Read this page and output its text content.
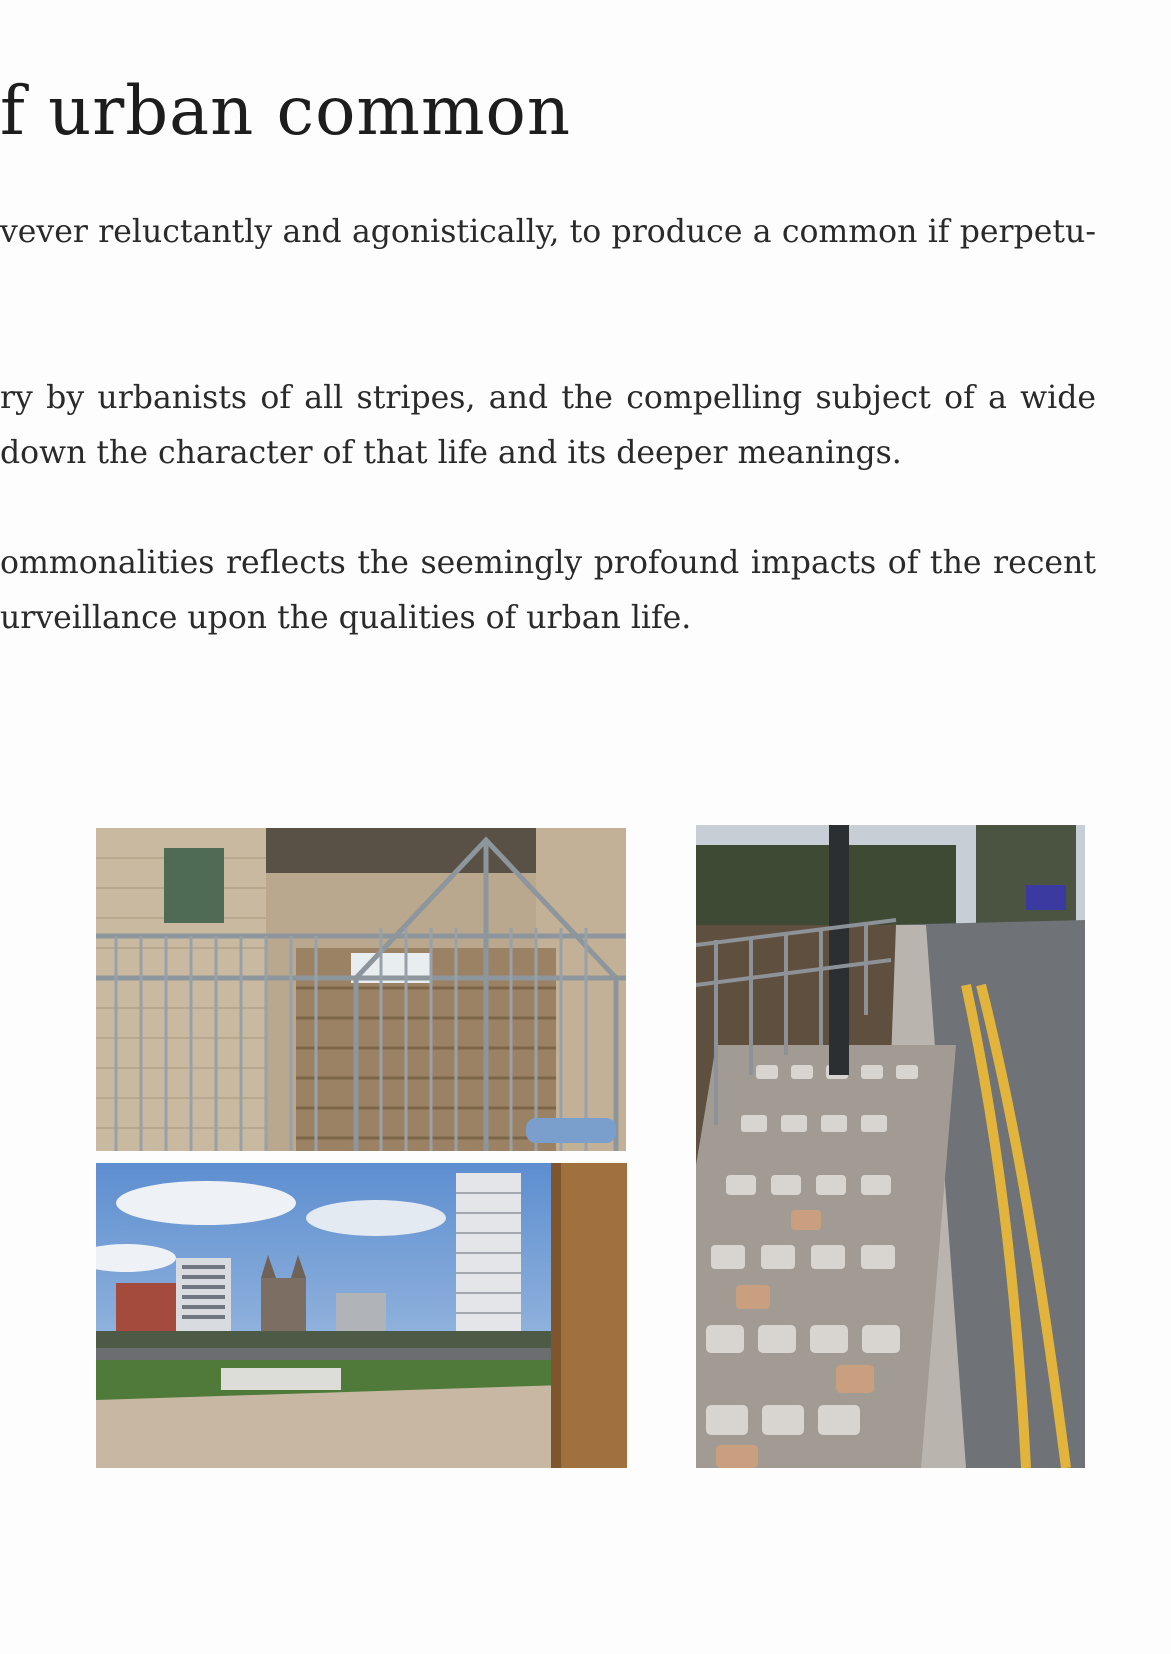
f urban common

vever reluctantly and agonistically, to produce a common if perpetu-

ry by urbanists of all stripes, and the compelling subject of a wide

down the character of that life and its deeper meanings.

ommonalities reflects the seemingly profound impacts of the recent

urveillance upon the qualities of urban life.
